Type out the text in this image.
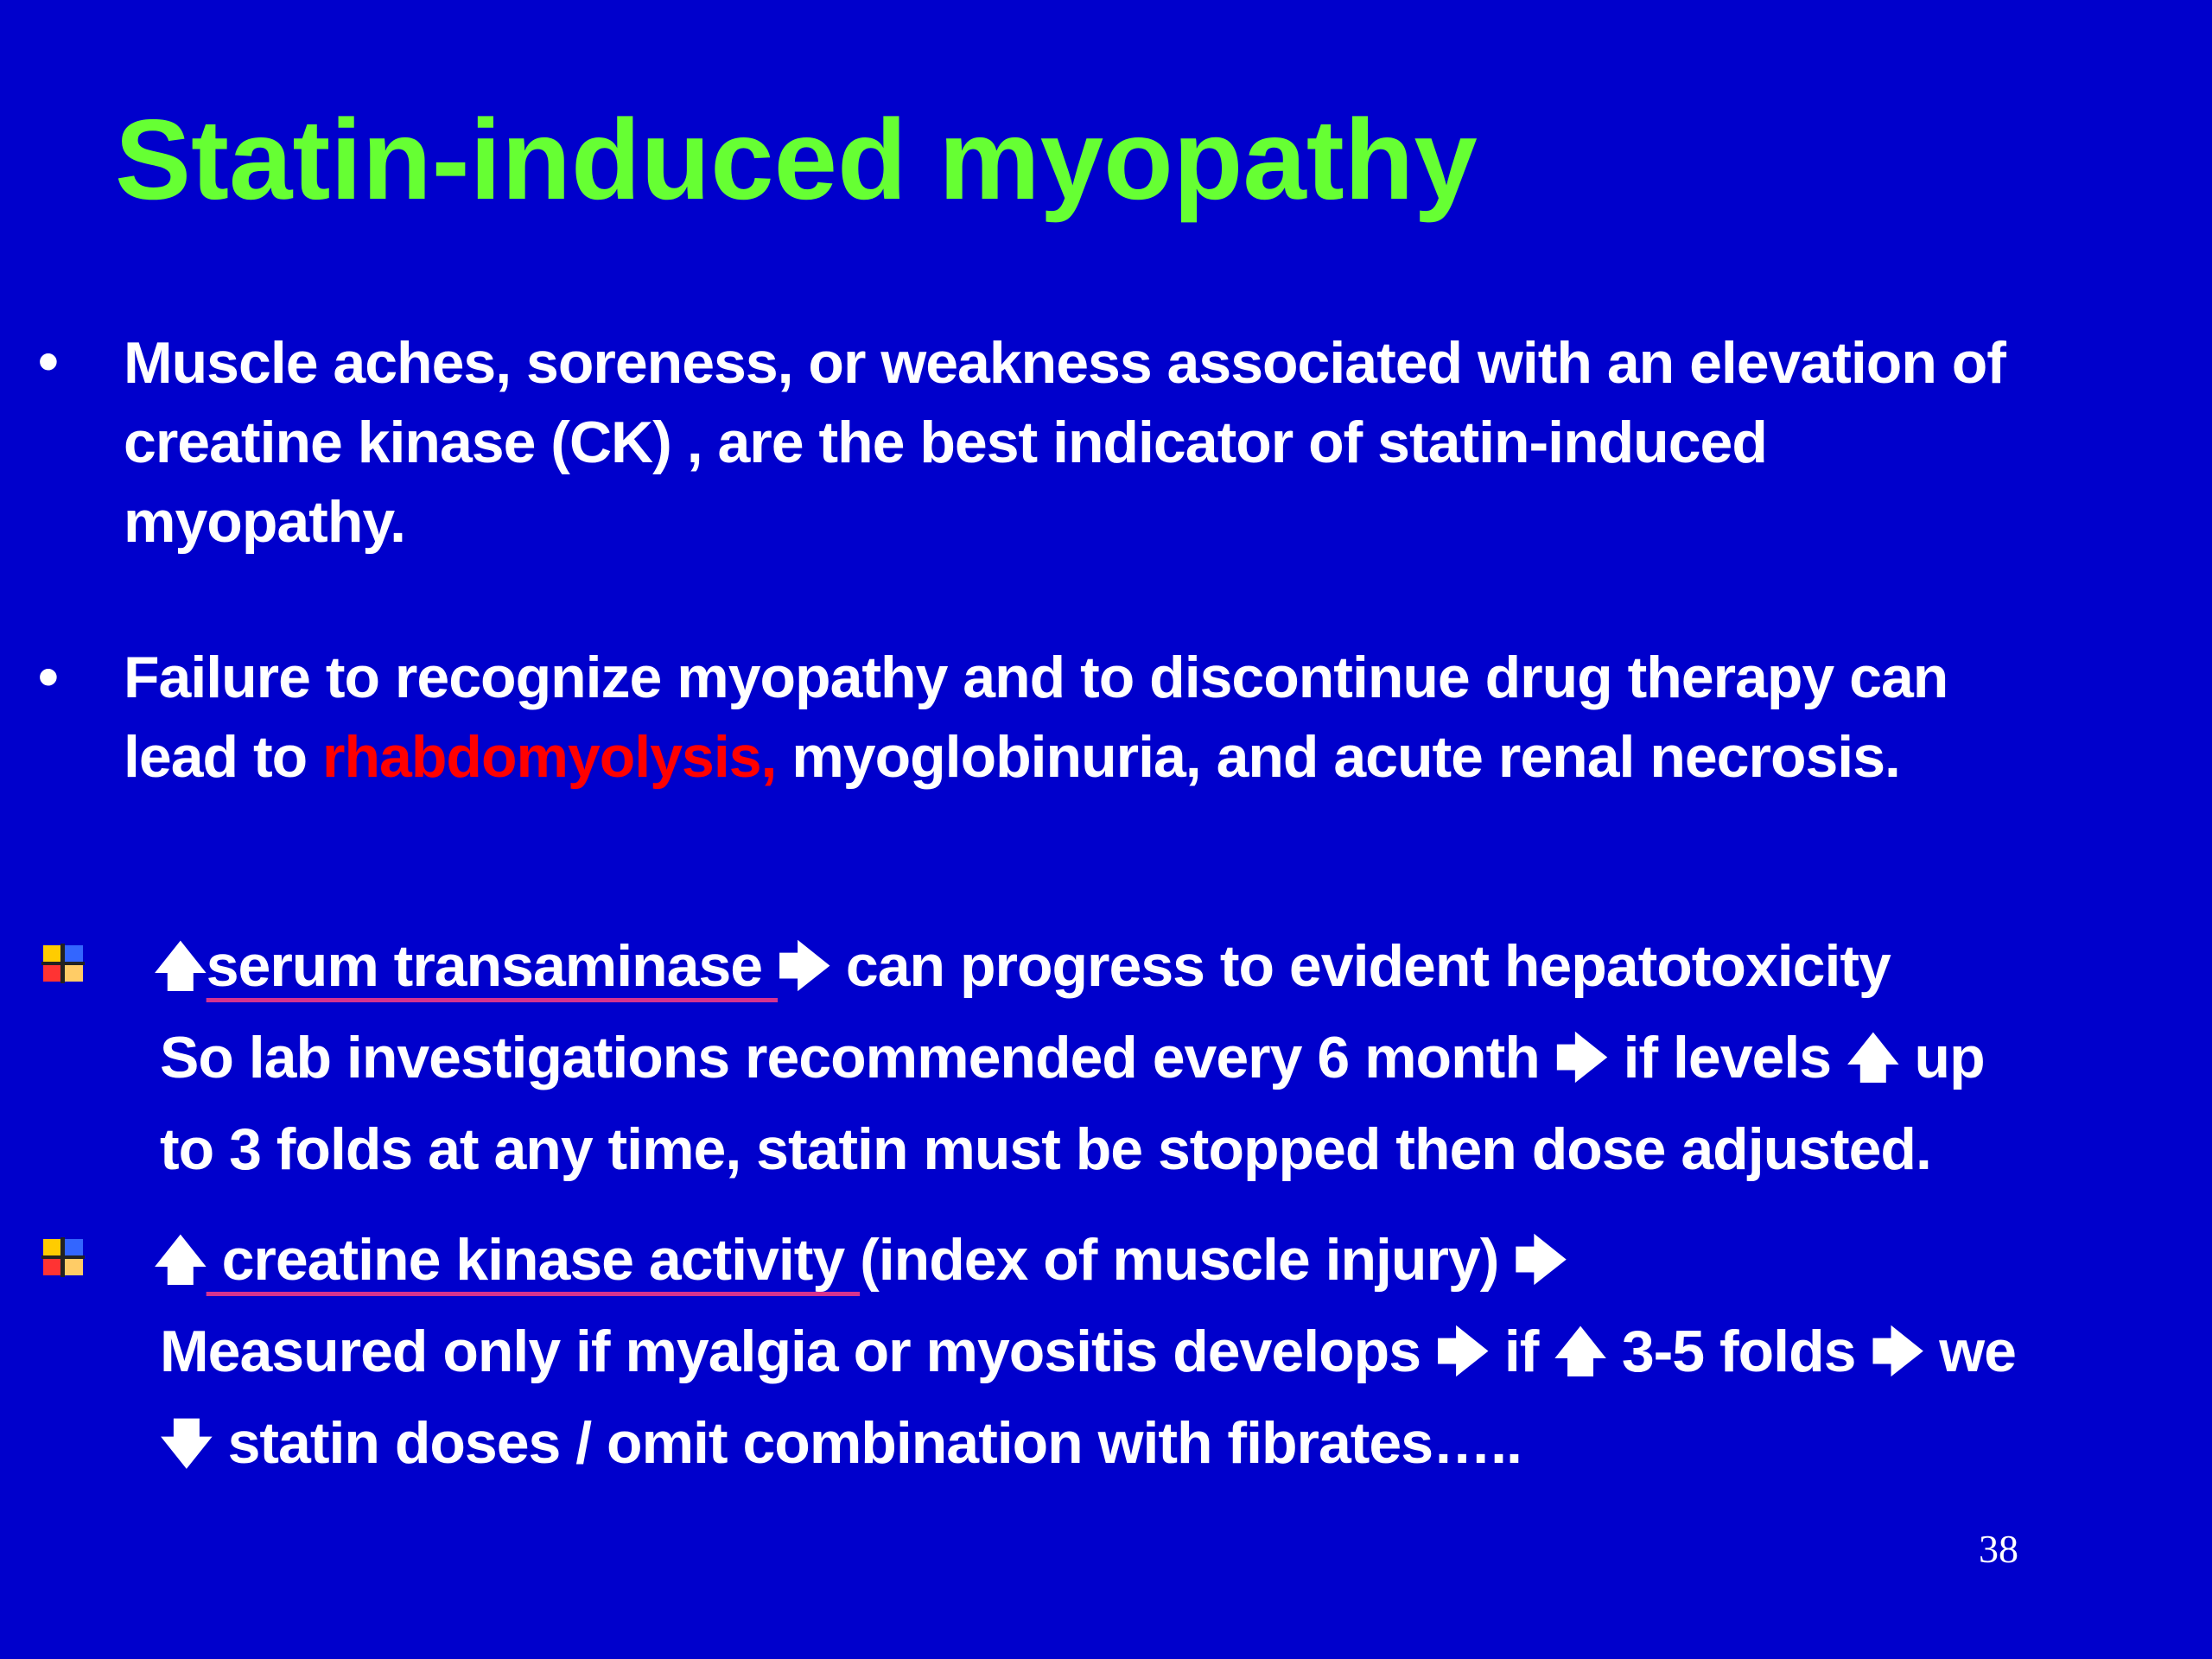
Statin-induced myopathy
• Muscle aches, soreness, or weakness associated with an elevation of

creatine kinase (CK) , are the best indicator of statin-induced

myopathy.

• Failure to recognize myopathy and to discontinue drug therapy can

lead to rhabdomyolysis, myoglobinuria, and acute renal necrosis.

🡅serum transaminase 🡆 can progress to evident hepatotoxicity

So lab investigations recommended every 6 month 🡆 if levels 🡅 up

to 3 folds at any time, statin must be stopped then dose adjusted.

🡅 creatine kinase activity (index of muscle injury) 🡆

Measured only if myalgia or myositis develops 🡆 if 🡅 3-5 folds 🡆 we

🡇 statin doses / omit combination with fibrates…..

38
